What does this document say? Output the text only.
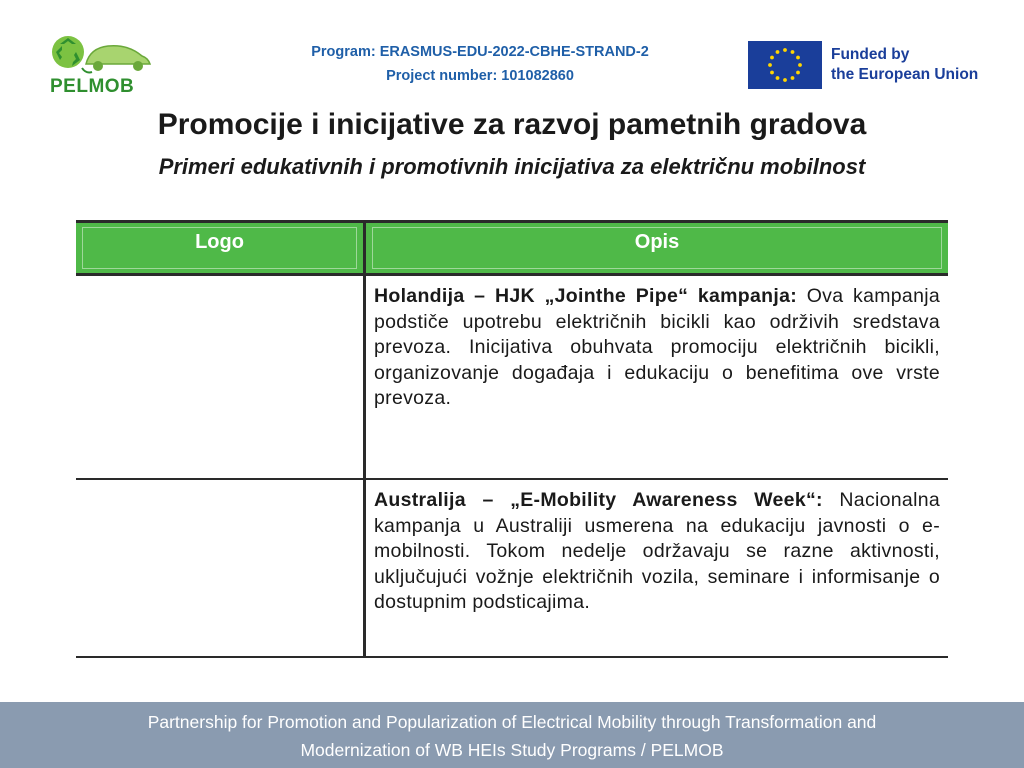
PELMOB
Program: ERASMUS-EDU-2022-CBHE-STRAND-2
Project number: 101082860
Funded by
the European Union
Promocije i inicijative za razvoj pametnih gradova
Primeri edukativnih i promotivnih inicijativa za električnu mobilnost
Logo	Opis
Holandija – HJK „Jointhe Pipe“ kampanja: Ova kampanja podstiče upotrebu električnih bicikli kao održivih sredstava prevoza. Inicijativa obuhvata promociju električnih bicikli, organizovanje događaja i edukaciju o benefitima ove vrste prevoza.
Australija – „E-Mobility Awareness Week“: Nacionalna kampanja u Australiji usmerena na edukaciju javnosti o e-mobilnosti. Tokom nedelje održavaju se razne aktivnosti, uključujući vožnje električnih vozila, seminare i informisanje o dostupnim podsticajima.
Partnership for Promotion and Popularization of Electrical Mobility through Transformation and
Modernization of WB HEIs Study Programs / PELMOB
